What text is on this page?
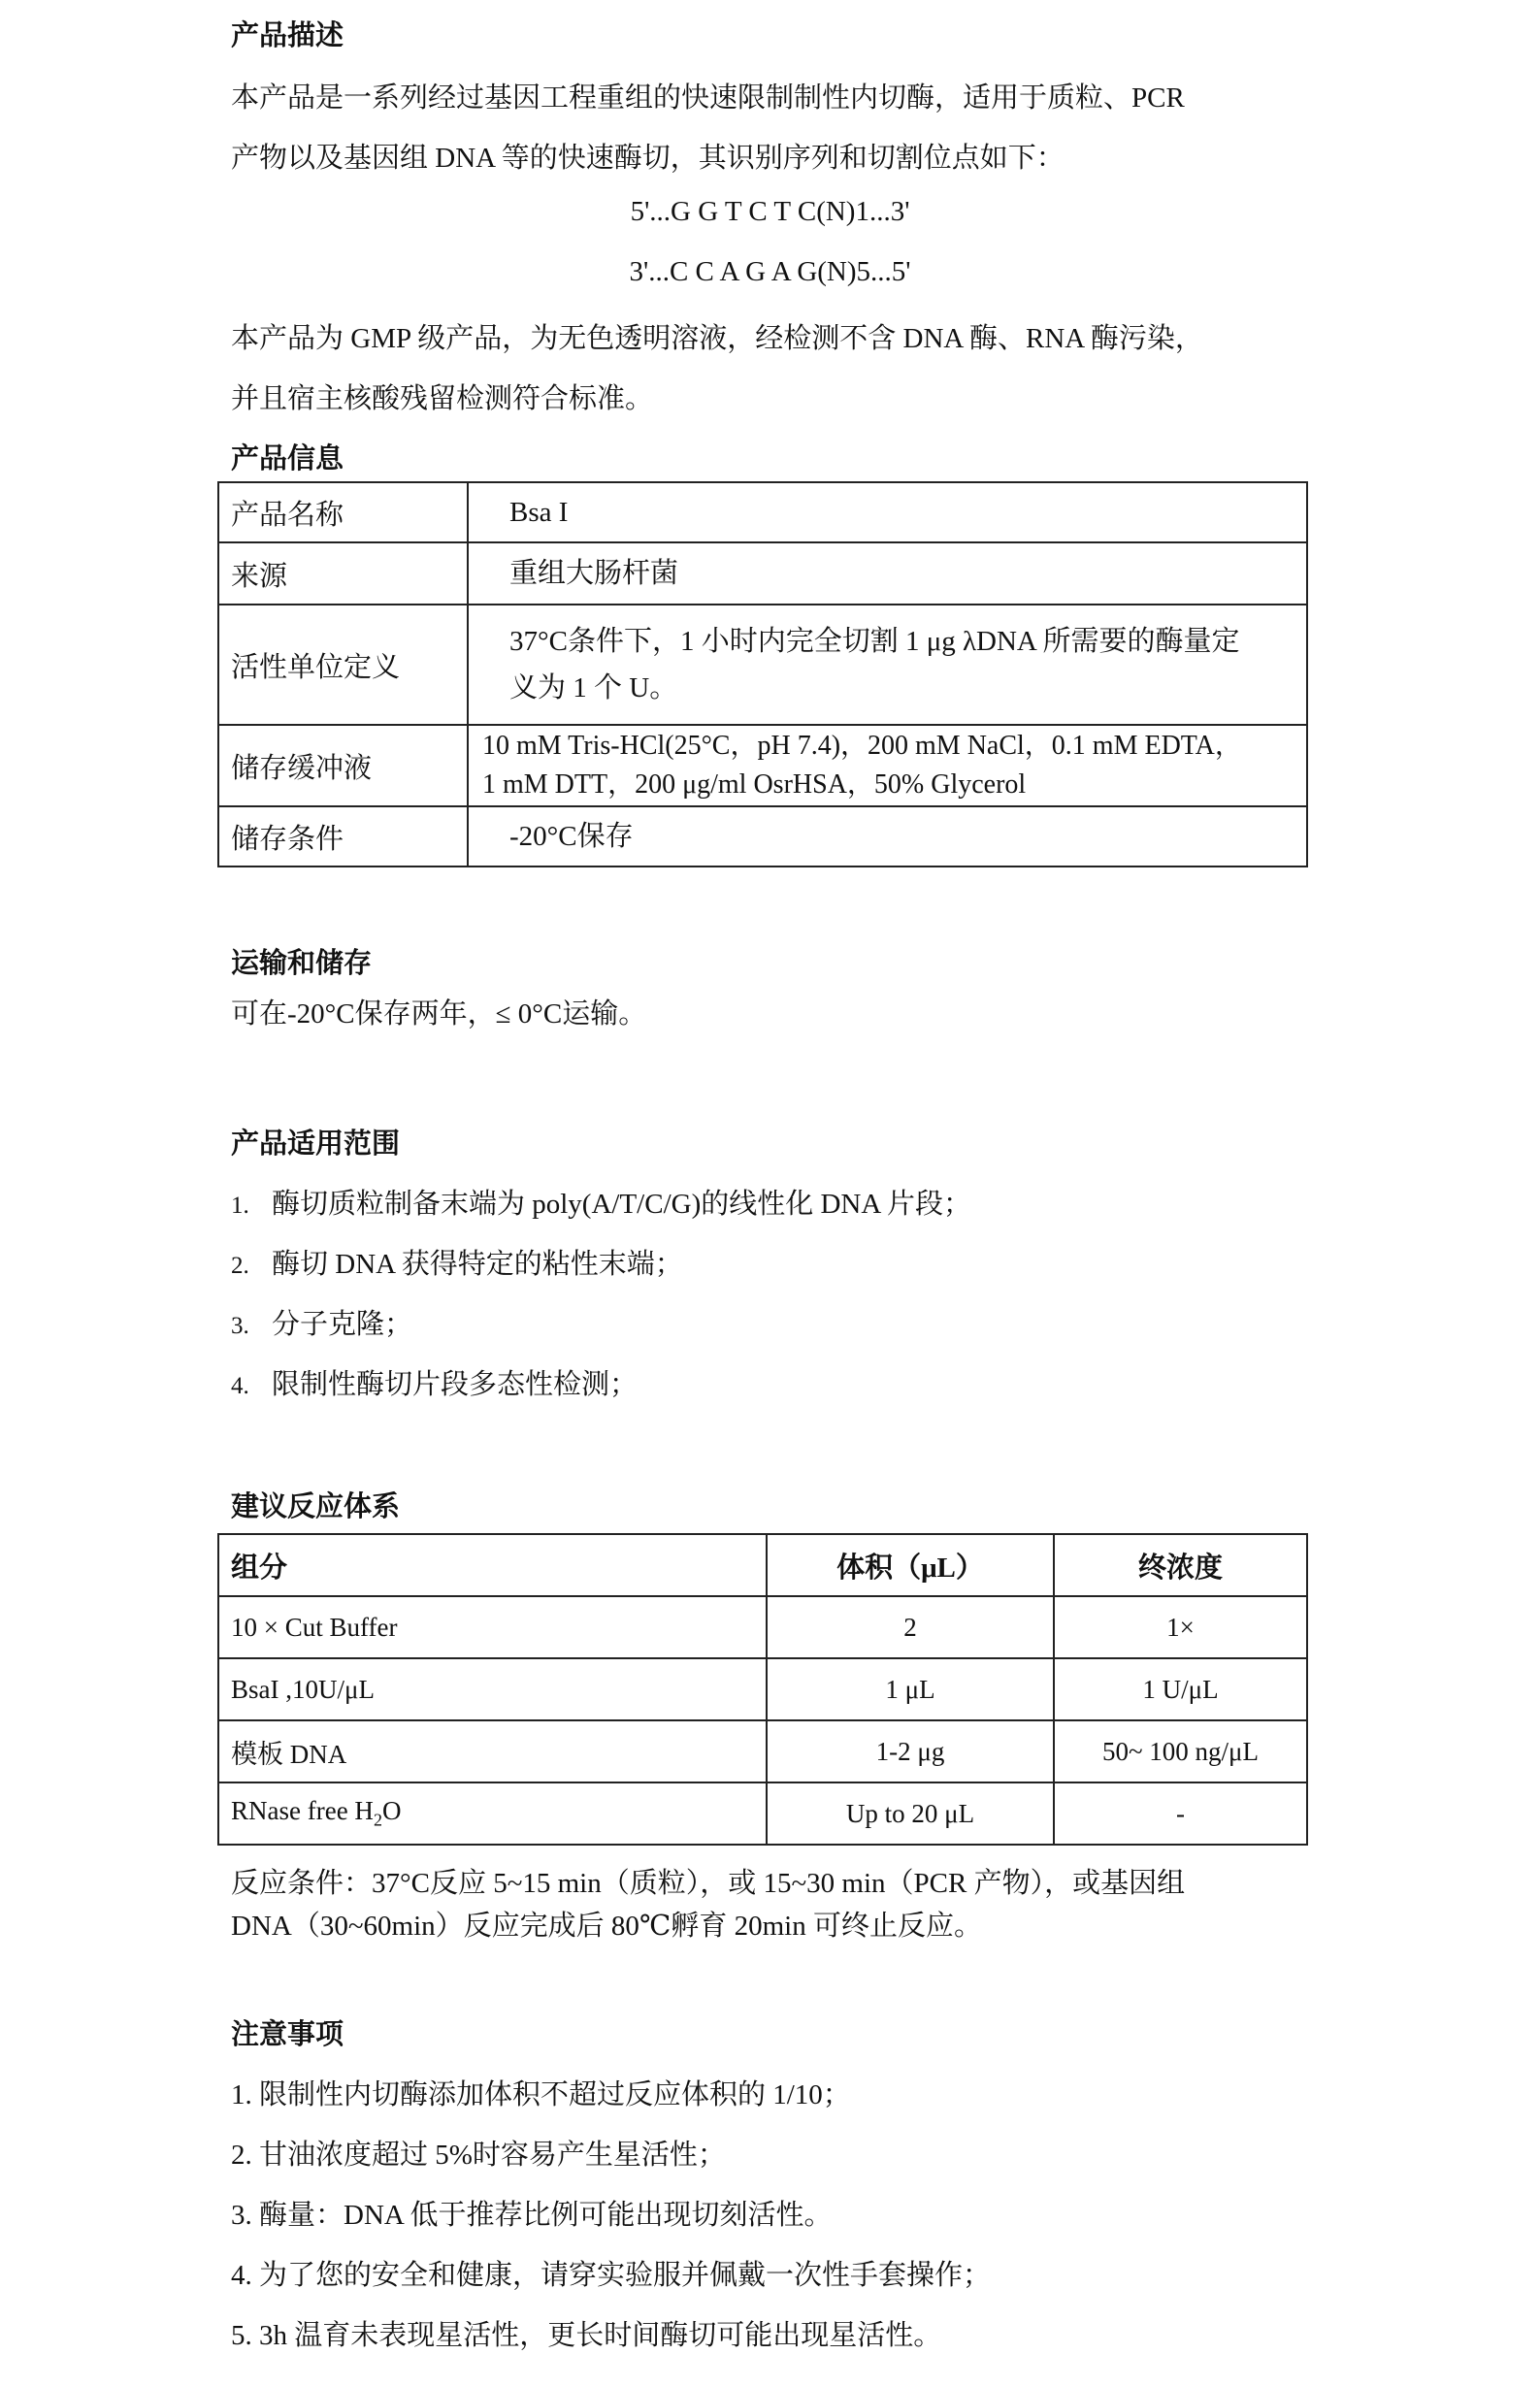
产品描述
本产品是一系列经过基因工程重组的快速限制制性内切酶，适用于质粒、PCR
产物以及基因组 DNA 等的快速酶切，其识别序列和切割位点如下：
5'...G G T C T C(N)1...3'
3'...C C A G A G(N)5...5'
本产品为 GMP 级产品，为无色透明溶液，经检测不含 DNA 酶、RNA 酶污染，
并且宿主核酸残留检测符合标准。
产品信息
产品名称	Bsa I
来源	重组大肠杆菌
活性单位定义	37°C条件下，1 小时内完全切割 1 μg λDNA 所需要的酶量定
义为 1 个 U。

储存缓冲液	10 mM Tris-HCl(25°C，pH 7.4)，200 mM NaCl，0.1 mM EDTA，
1 mM DTT，200 μg/ml OsrHSA，50% Glycerol

储存条件	-20°C保存
运输和储存
可在-20°C保存两年，≤ 0°C运输。
产品适用范围
1. 酶切质粒制备末端为 poly(A/T/C/G)的线性化 DNA 片段；
2. 酶切 DNA 获得特定的粘性末端；
3. 分子克隆；
4. 限制性酶切片段多态性检测；
建议反应体系
组分	体积（μL）	终浓度
10 × Cut Buffer	2	1×
BsaI ,10U/μL	1 μL	1 U/μL
模板 DNA	1-2 μg	50~ 100 ng/μL
RNase free $H_2O$	Up to 20 μL	-
反应条件：37°C反应 5~15 min（质粒），或 15~30 min（PCR 产物），或基因组
DNA（30~60min）反应完成后 80℃孵育 20min 可终止反应。
注意事项
1. 限制性内切酶添加体积不超过反应体积的 1/10；
2. 甘油浓度超过 5%时容易产生星活性；
3. 酶量：DNA 低于推荐比例可能出现切刻活性。
4. 为了您的安全和健康，请穿实验服并佩戴一次性手套操作；
5. 3h 温育未表现星活性，更长时间酶切可能出现星活性。
